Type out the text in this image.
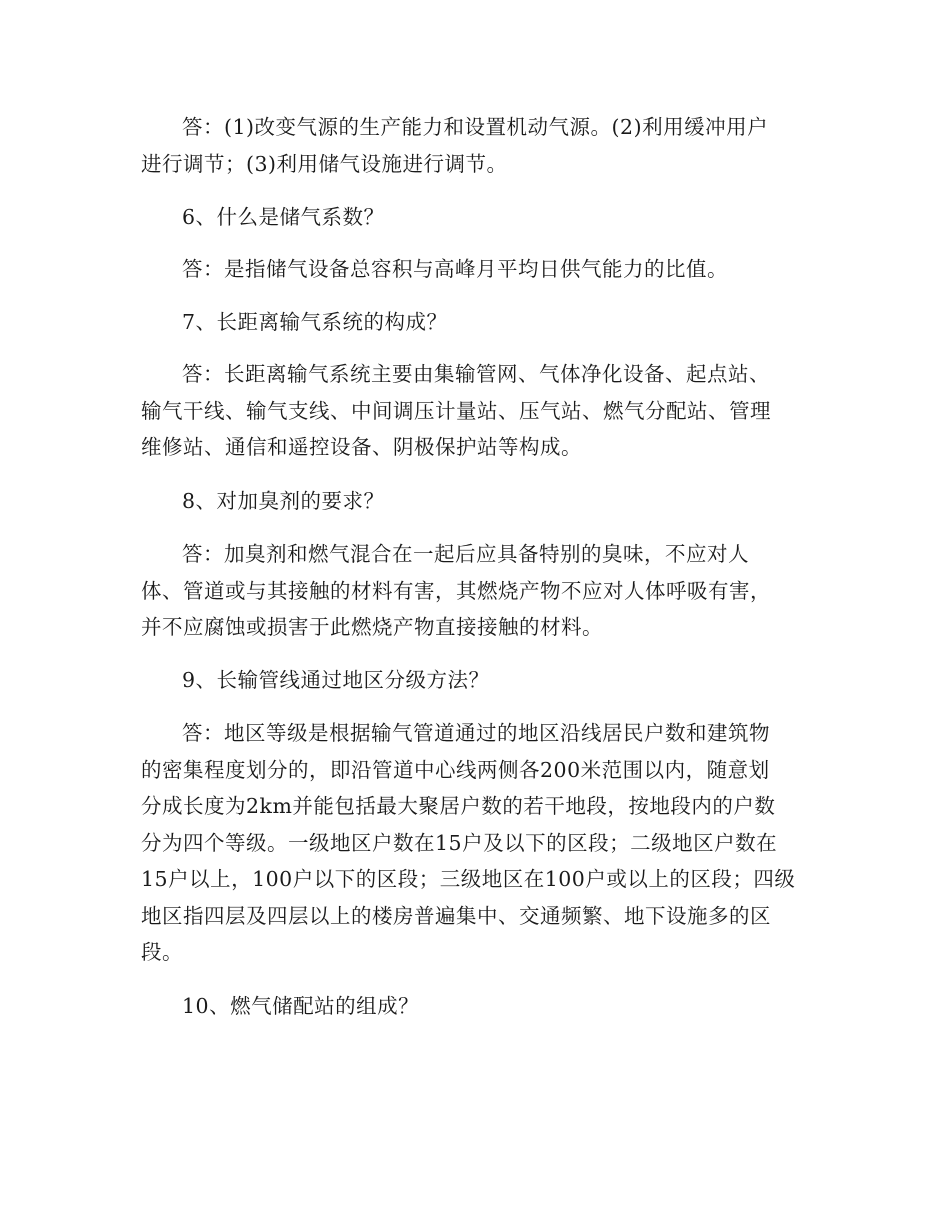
答：(1)改变气源的生产能力和设置机动气源。(2)利用缓冲用户
进行调节；(3)利用储气设施进行调节。
6、什么是储气系数？
答：是指储气设备总容积与高峰月平均日供气能力的比值。
7、长距离输气系统的构成？
答：长距离输气系统主要由集输管网、气体净化设备、起点站、
输气干线、输气支线、中间调压计量站、压气站、燃气分配站、管理
维修站、通信和遥控设备、阴极保护站等构成。
8、对加臭剂的要求？
答：加臭剂和燃气混合在一起后应具备特别的臭味，不应对人
体、管道或与其接触的材料有害，其燃烧产物不应对人体呼吸有害，
并不应腐蚀或损害于此燃烧产物直接接触的材料。
9、长输管线通过地区分级方法？
答：地区等级是根据输气管道通过的地区沿线居民户数和建筑物
的密集程度划分的，即沿管道中心线两侧各200米范围以内，随意划
分成长度为2km并能包括最大聚居户数的若干地段，按地段内的户数
分为四个等级。一级地区户数在15户及以下的区段；二级地区户数在
15户以上，100户以下的区段；三级地区在100户或以上的区段；四级
地区指四层及四层以上的楼房普遍集中、交通频繁、地下设施多的区
段。
10、燃气储配站的组成？
